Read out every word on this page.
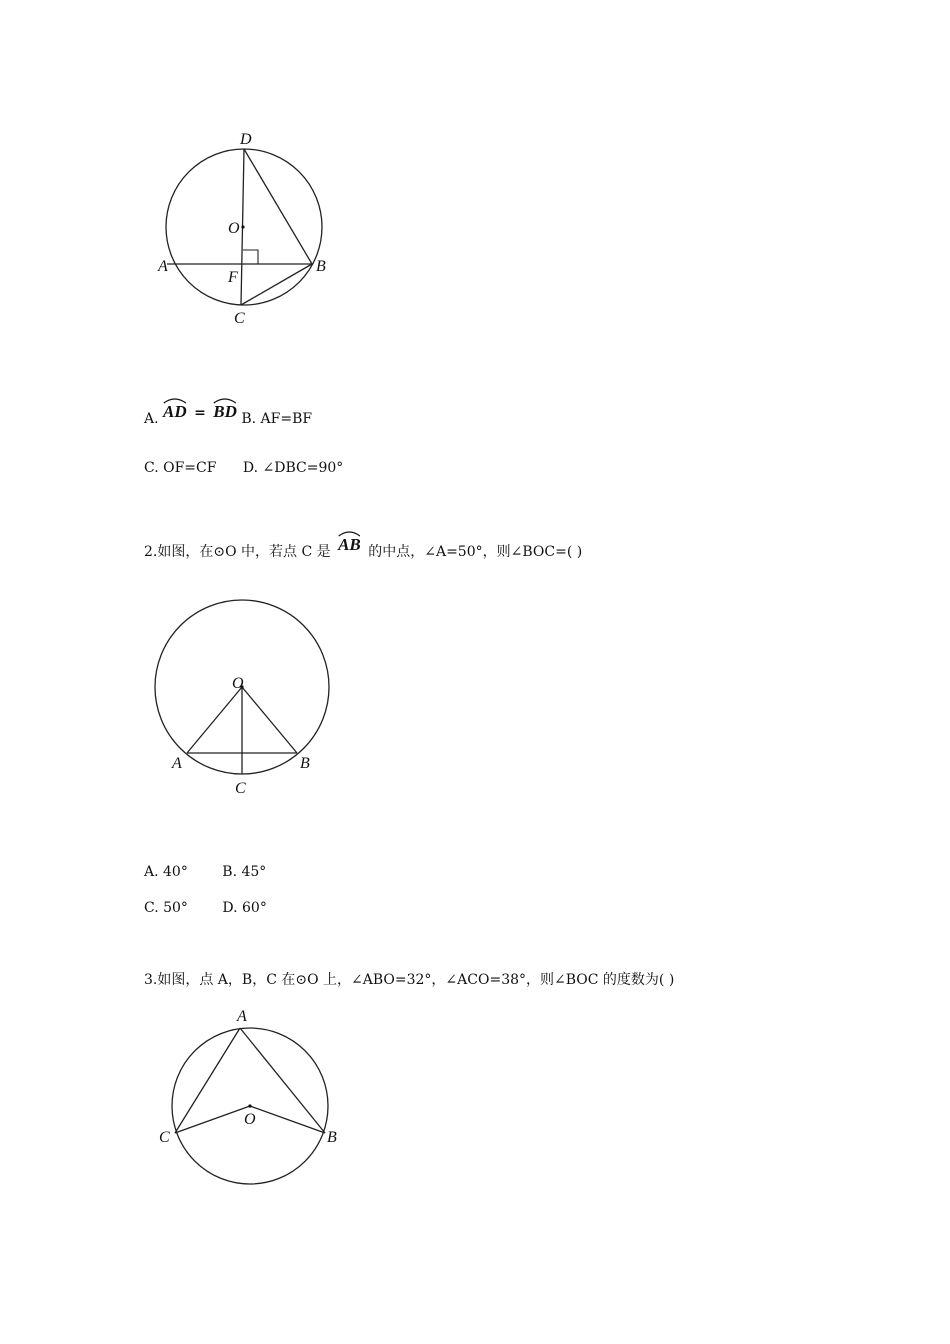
D
O
A
F
B
C
A. AD = BD B. AF=BF
C. OF=CF D. ∠DBC=90°
2.如图，在⊙O 中，若点 C 是 AB 的中点，∠A=50°，则∠BOC=( )
O
A	B
C
A. 40° B. 45°
C. 50° D. 60°
3.如图，点 A，B，C 在⊙O 上，∠ABO=32°，∠ACO=38°，则∠BOC 的度数为( )
A
O
C	B
